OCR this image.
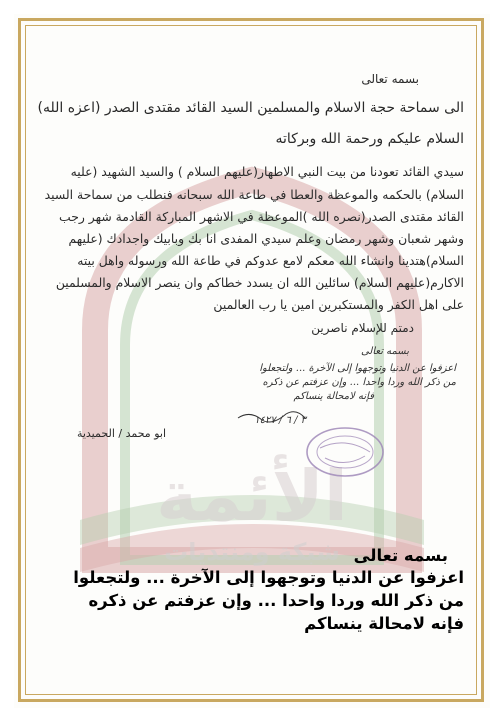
الأئمة
شبكة ومنتديات
بسمه تعالى
الى سماحة حجة الاسلام والمسلمين السيد القائد مقتدى الصدر (اعزه الله)
السلام عليكم ورحمة الله وبركاته
سيدي القائد تعودنا من بيت النبي الاطهار(عليهم السلام ) والسيد الشهيد (عليه
السلام) بالحكمه والموعظة والعطا في طاعة الله سبحانه فنطلب من سماحة السيد
القائد مقتدى الصدر(نصره الله )الموعظة في الاشهر المباركة القادمة شهر رجب
وشهر شعبان وشهر رمضان وعلم سيدي المفدى انا بك وبابيك واجدادك (عليهم
السلام)هتدينا وانشاء الله معكم لامع عدوكم في طاعة الله ورسوله واهل بيته
الاكارم(عليهم السلام) سائلين الله ان يسدد خطاكم وان ينصر الاسلام والمسلمين
على اهل الكفر والمستكبرين امين يا رب العالمين
دمتم للإسلام ناصرين
بسمه تعالى
اعزفوا عن الدنيا وتوجهوا إلى الآخرة ... ولتجعلوا
من ذكر الله وردا واحدا ... وإن عزفتم عن ذكره
فإنه لامحالة ينساكم
٣ / ٦ / ١٤٢٧
ابو محمد / الحميدية
بسمه تعالى
اعزفوا عن الدنيا وتوجهوا إلى الآخرة ... ولتجعلوا
من ذكر الله وردا واحدا ... وإن عزفتم عن ذكره
فإنه لامحالة ينساكم
